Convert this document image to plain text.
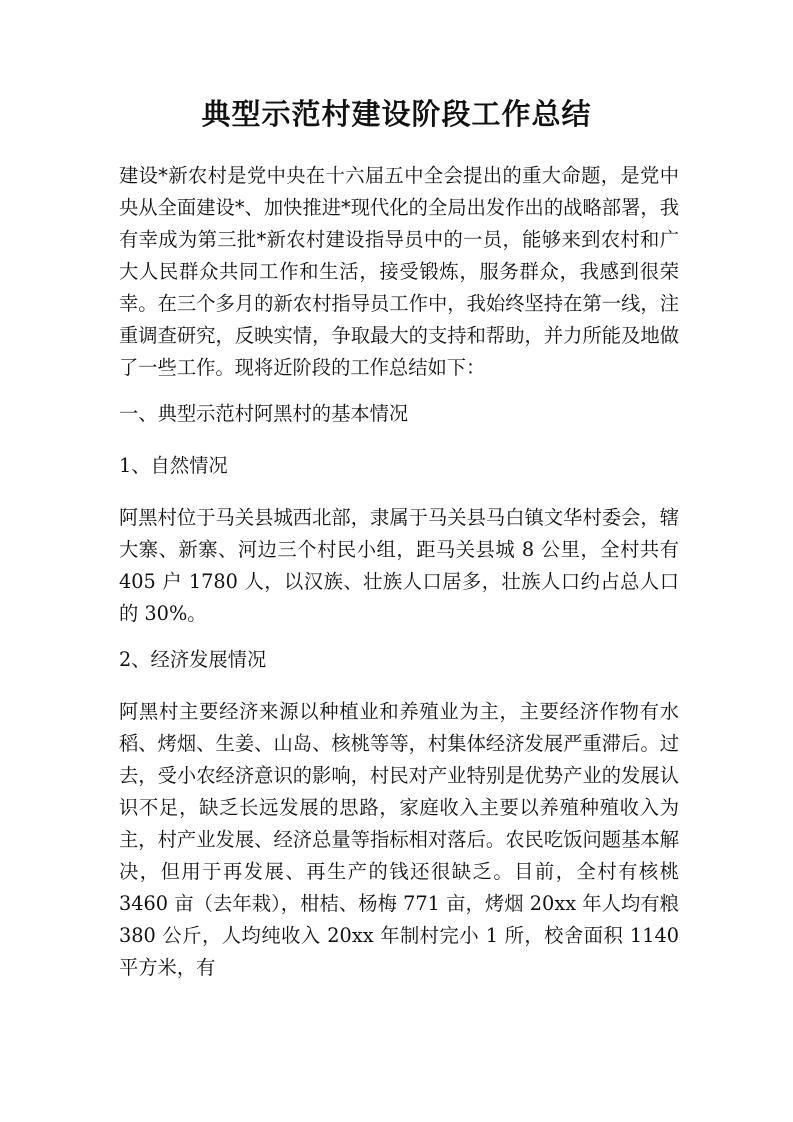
典型示范村建设阶段工作总结

建设*新农村是党中央在十六届五中全会提出的重大命题，是党中央从全面建设*、加快推进*现代化的全局出发作出的战略部署，我有幸成为第三批*新农村建设指导员中的一员，能够来到农村和广大人民群众共同工作和生活，接受锻炼，服务群众，我感到很荣幸。在三个多月的新农村指导员工作中，我始终坚持在第一线，注重调查研究，反映实情，争取最大的支持和帮助，并力所能及地做了一些工作。现将近阶段的工作总结如下：

一、典型示范村阿黑村的基本情况

1、自然情况

阿黑村位于马关县城西北部，隶属于马关县马白镇文华村委会，辖大寨、新寨、河边三个村民小组，距马关县城 8 公里，全村共有 405 户 1780 人，以汉族、壮族人口居多，壮族人口约占总人口的 30%。

2、经济发展情况

阿黑村主要经济来源以种植业和养殖业为主，主要经济作物有水稻、烤烟、生姜、山岛、核桃等等，村集体经济发展严重滞后。过去，受小农经济意识的影响，村民对产业特别是优势产业的发展认识不足，缺乏长远发展的思路，家庭收入主要以养殖种殖收入为主，村产业发展、经济总量等指标相对落后。农民吃饭问题基本解决，但用于再发展、再生产的钱还很缺乏。目前，全村有核桃 3460 亩（去年栽），柑桔、杨梅 771 亩，烤烟 20xx 年人均有粮 380 公斤，人均纯收入 20xx 年制村完小 1 所，校舍面积 1140 平方米，有
